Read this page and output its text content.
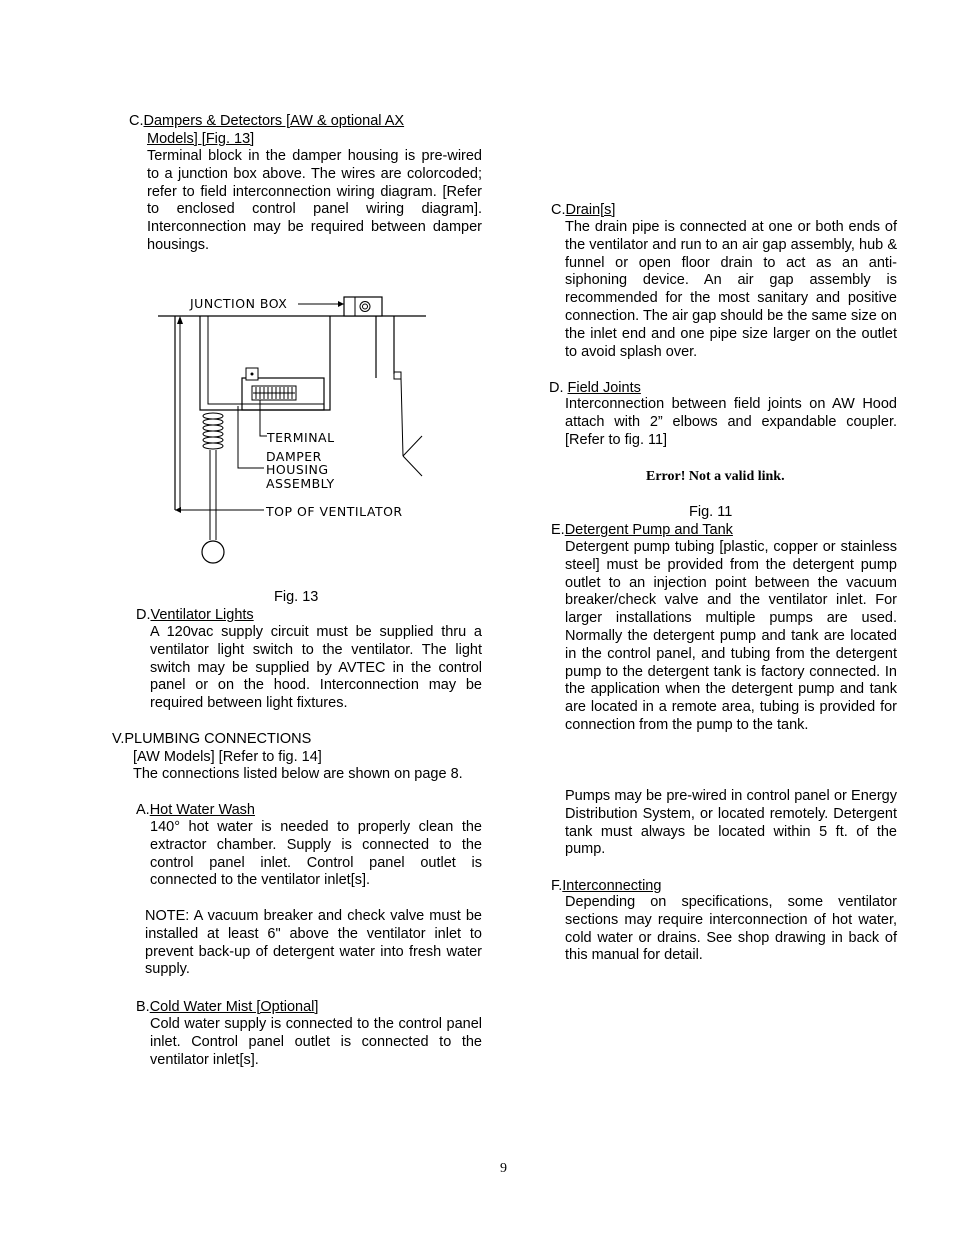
C.Dampers & Detectors [AW & optional AX
Models] [Fig. 13]
Terminal block in the damper housing is pre-wired to a junction box above. The wires are colorcoded; refer to field interconnection wiring diagram. [Refer to enclosed control panel wiring diagram]. Interconnection may be required between damper housings.
JUNCTION BOX
TERMINAL
DAMPER
HOUSING
ASSEMBLY
TOP OF VENTILATOR
Fig. 13
D.Ventilator Lights
A 120vac supply circuit must be supplied thru a ventilator light switch to the ventilator. The light switch may be supplied by AVTEC in the control panel or on the hood. Interconnection may be required between light fixtures.
V.PLUMBING CONNECTIONS
[AW Models] [Refer to fig. 14]
The connections listed below are shown on page 8.
A.Hot Water Wash
140° hot water is needed to properly clean the extractor chamber. Supply is connected to the control panel inlet. Control panel outlet is connected to the ventilator inlet[s].
NOTE: A vacuum breaker and check valve must be installed at least 6" above the ventilator inlet to prevent back-up of detergent water into fresh water supply.
B.Cold Water Mist [Optional]
Cold water supply is connected to the control panel inlet. Control panel outlet is connected to the ventilator inlet[s].
C.Drain[s]
The drain pipe is connected at one or both ends of the ventilator and run to an air gap assembly, hub & funnel or open floor drain to act as an anti-siphoning device. An air gap assembly is recommended for the most sanitary and positive connection. The air gap should be the same size on the inlet end and one pipe size larger on the outlet to avoid splash over.
D. Field Joints
Interconnection between field joints on AW Hood attach with 2” elbows and expandable coupler. [Refer to fig. 11]
Error! Not a valid link.
Fig. 11
E.Detergent Pump and Tank
Detergent pump tubing [plastic, copper or stainless steel] must be provided from the detergent pump outlet to an injection point between the vacuum breaker/check valve and the ventilator inlet. For larger installations multiple pumps are used. Normally the detergent pump and tank are located in the control panel, and tubing from the detergent pump to the detergent tank is factory connected. In the application when the detergent pump and tank are located in a remote area, tubing is provided for connection from the pump to the tank.
Pumps may be pre-wired in control panel or Energy Distribution System, or located remotely. Detergent tank must always be located within 5 ft. of the pump.
F.Interconnecting
Depending on specifications, some ventilator sections may require interconnection of hot water, cold water or drains. See shop drawing in back of this manual for detail.
9
